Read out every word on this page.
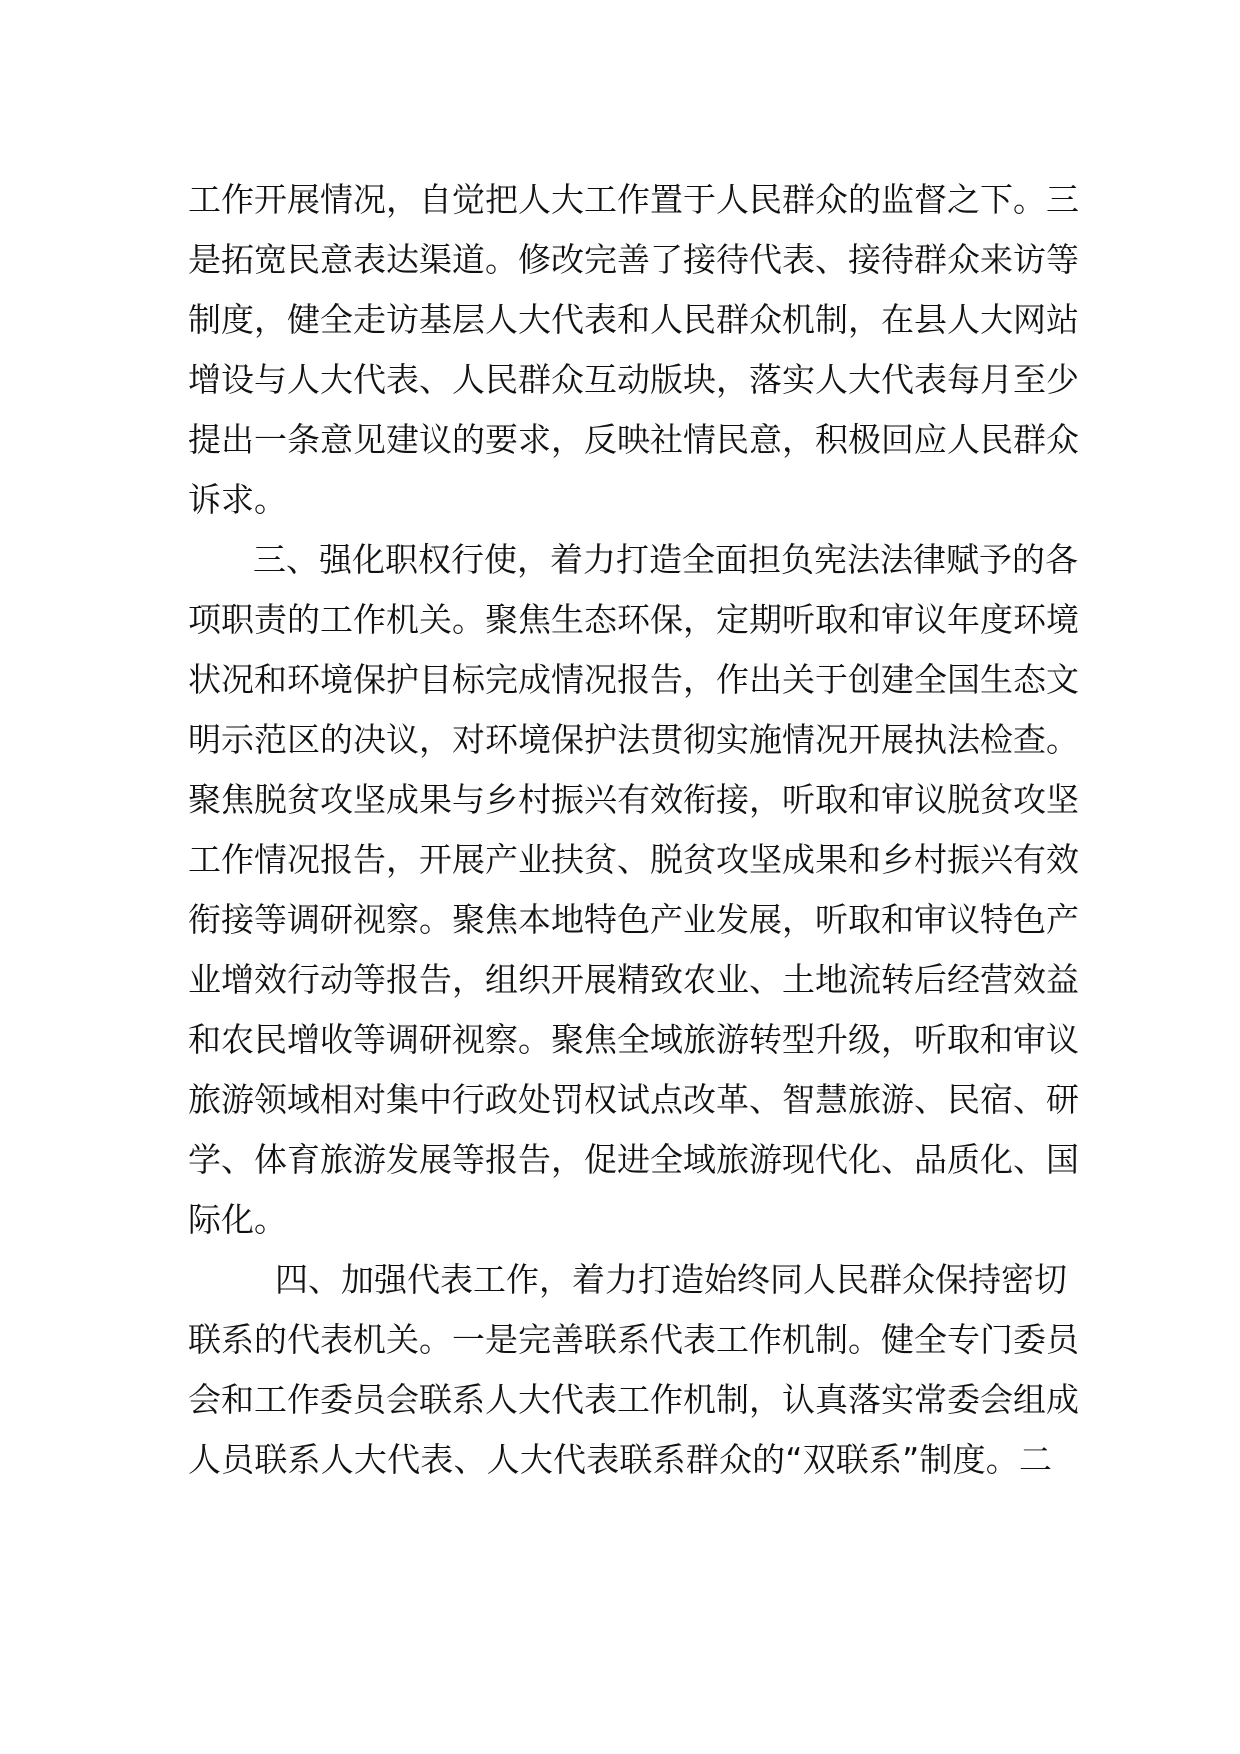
工作开展情况，自觉把人大工作置于人民群众的监督之下。三

是拓宽民意表达渠道。修改完善了接待代表、接待群众来访等

制度，健全走访基层人大代表和人民群众机制，在县人大网站

增设与人大代表、人民群众互动版块，落实人大代表每月至少

提出一条意见建议的要求，反映社情民意，积极回应人民群众

诉求。

三、强化职权行使，着力打造全面担负宪法法律赋予的各

项职责的工作机关。聚焦生态环保，定期听取和审议年度环境

状况和环境保护目标完成情况报告，作出关于创建全国生态文

明示范区的决议，对环境保护法贯彻实施情况开展执法检查。

聚焦脱贫攻坚成果与乡村振兴有效衔接，听取和审议脱贫攻坚

工作情况报告，开展产业扶贫、脱贫攻坚成果和乡村振兴有效

衔接等调研视察。聚焦本地特色产业发展，听取和审议特色产

业增效行动等报告，组织开展精致农业、土地流转后经营效益

和农民增收等调研视察。聚焦全域旅游转型升级，听取和审议

旅游领域相对集中行政处罚权试点改革、智慧旅游、民宿、研

学、体育旅游发展等报告，促进全域旅游现代化、品质化、国

际化。

四、加强代表工作，着力打造始终同人民群众保持密切

联系的代表机关。一是完善联系代表工作机制。健全专门委员

会和工作委员会联系人大代表工作机制，认真落实常委会组成

人员联系人大代表、人大代表联系群众的“双联系”制度。二
